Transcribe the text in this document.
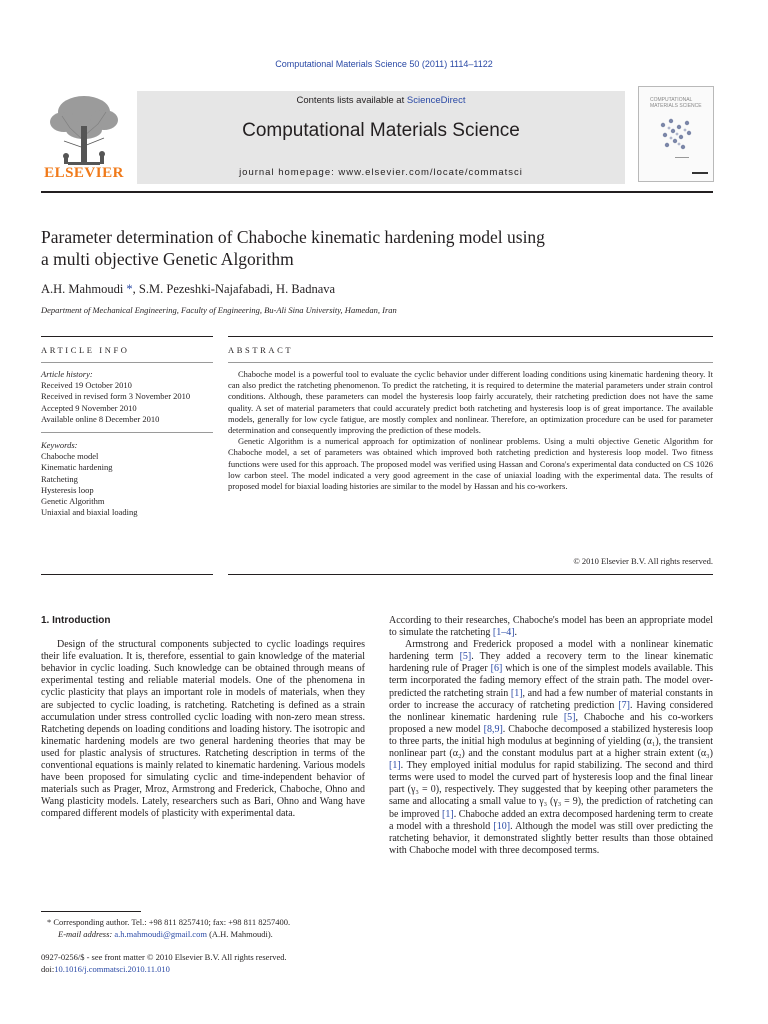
Computational Materials Science 50 (2011) 1114–1122
ELSEVIER
Contents lists available at ScienceDirect
Computational Materials Science
journal homepage: www.elsevier.com/locate/commatsci
COMPUTATIONAL MATERIALS SCIENCE
Parameter determination of Chaboche kinematic hardening model using
a multi objective Genetic Algorithm
A.H. Mahmoudi *, S.M. Pezeshki-Najafabadi, H. Badnava
Department of Mechanical Engineering, Faculty of Engineering, Bu-Ali Sina University, Hamedan, Iran
ARTICLE INFO	ABSTRACT
Article history:
Received 19 October 2010
Received in revised form 3 November 2010
Accepted 9 November 2010
Available online 8 December 2010
Keywords:
Chaboche model
Kinematic hardening
Ratcheting
Hysteresis loop
Genetic Algorithm
Uniaxial and biaxial loading

Chaboche model is a powerful tool to evaluate the cyclic behavior under different loading conditions using kinematic hardening theory. It can also predict the ratcheting phenomenon. To predict the ratcheting, it is required to determine the material parameters under strain control conditions. Although, these parameters can model the hysteresis loop fairly accurately, their ratcheting prediction does not have the same quality. A set of material parameters that could accurately predict both ratcheting and hysteresis loop is of great importance. The available models, generally for low cycle fatigue, are mostly complex and nonlinear. Therefore, an optimization procedure can be used for parameter determination and consequently improving the prediction of these models.

Genetic Algorithm is a numerical approach for optimization of nonlinear problems. Using a multi objective Genetic Algorithm for Chaboche model, a set of parameters was obtained which improved both ratcheting prediction and hysteresis loop model. Two fitness functions were used for this approach. The proposed model was verified using Hassan and Corona's experimental data conducted on CS 1026 low carbon steel. The model indicated a very good agreement in the case of uniaxial loading with the experimental data. The results of proposed model for biaxial loading histories are similar to the model by Hassan and his co-workers.

© 2010 Elsevier B.V. All rights reserved.
1. Introduction

Design of the structural components subjected to cyclic loadings requires their life evaluation. It is, therefore, essential to gain knowledge of the material behavior in cyclic loading. Such knowledge can be obtained through means of experimental testing and reliable material models. One of the phenomena in cyclic plasticity that plays an important role in models of materials, when they are subjected to cyclic loading, is ratcheting. Ratcheting is defined as a strain accumulation under stress controlled cyclic loading with non-zero mean stress. Ratcheting depends on loading conditions and loading history. The isotropic and kinematic hardening models are two general hardening theories that may be used for plastic analysis of structures. Ratcheting description in terms of the conventional equations is mainly related to kinematic hardening. Various models have been proposed for simulating cyclic and time-independent behavior of materials such as Prager, Mroz, Armstrong and Frederick, Chaboche, Ohno and Wang plasticity models. Lately, researchers such as Bari, Ohno and Wang have compared different models of plasticity with experimental data.

According to their researches, Chaboche's model has been an appropriate model to simulate the ratcheting [1–4].

Armstrong and Frederick proposed a model with a nonlinear kinematic hardening term [5]. They added a recovery term to the linear kinematic hardening rule of Prager [6] which is one of the simplest models available. This term incorporated the fading memory effect of the strain path. The model over-predicted the ratcheting strain [1], and had a few number of material constants in order to increase the accuracy of ratcheting prediction [7]. Having considered the nonlinear kinematic hardening rule [5], Chaboche and his co-workers proposed a new model [8,9]. Chaboche decomposed a stabilized hysteresis loop to three parts, the initial high modulus at beginning of yielding (α₁), the transient nonlinear part (α₂) and the constant modulus part at a higher strain extent (α₃) [1]. They employed initial modulus for rapid stabilizing. The second and third terms were used to model the curved part of hysteresis loop and the final linear part (γ₃ = 0), respectively. They suggested that by keeping other parameters the same and allocating a small value to γ₃ (γ₃ = 9), the prediction of ratcheting can be improved [1]. Chaboche added an extra decomposed hardening term to create a model with a threshold [10]. Although the model was still over predicting the ratcheting behavior, it demonstrated slightly better results than those obtained with Chaboche model with three decomposed terms.

* Corresponding author. Tel.: +98 811 8257410; fax: +98 811 8257400.
E-mail address: a.h.mahmoudi@gmail.com (A.H. Mahmoudi).
0927-0256/$ - see front matter © 2010 Elsevier B.V. All rights reserved.
doi:10.1016/j.commatsci.2010.11.010
